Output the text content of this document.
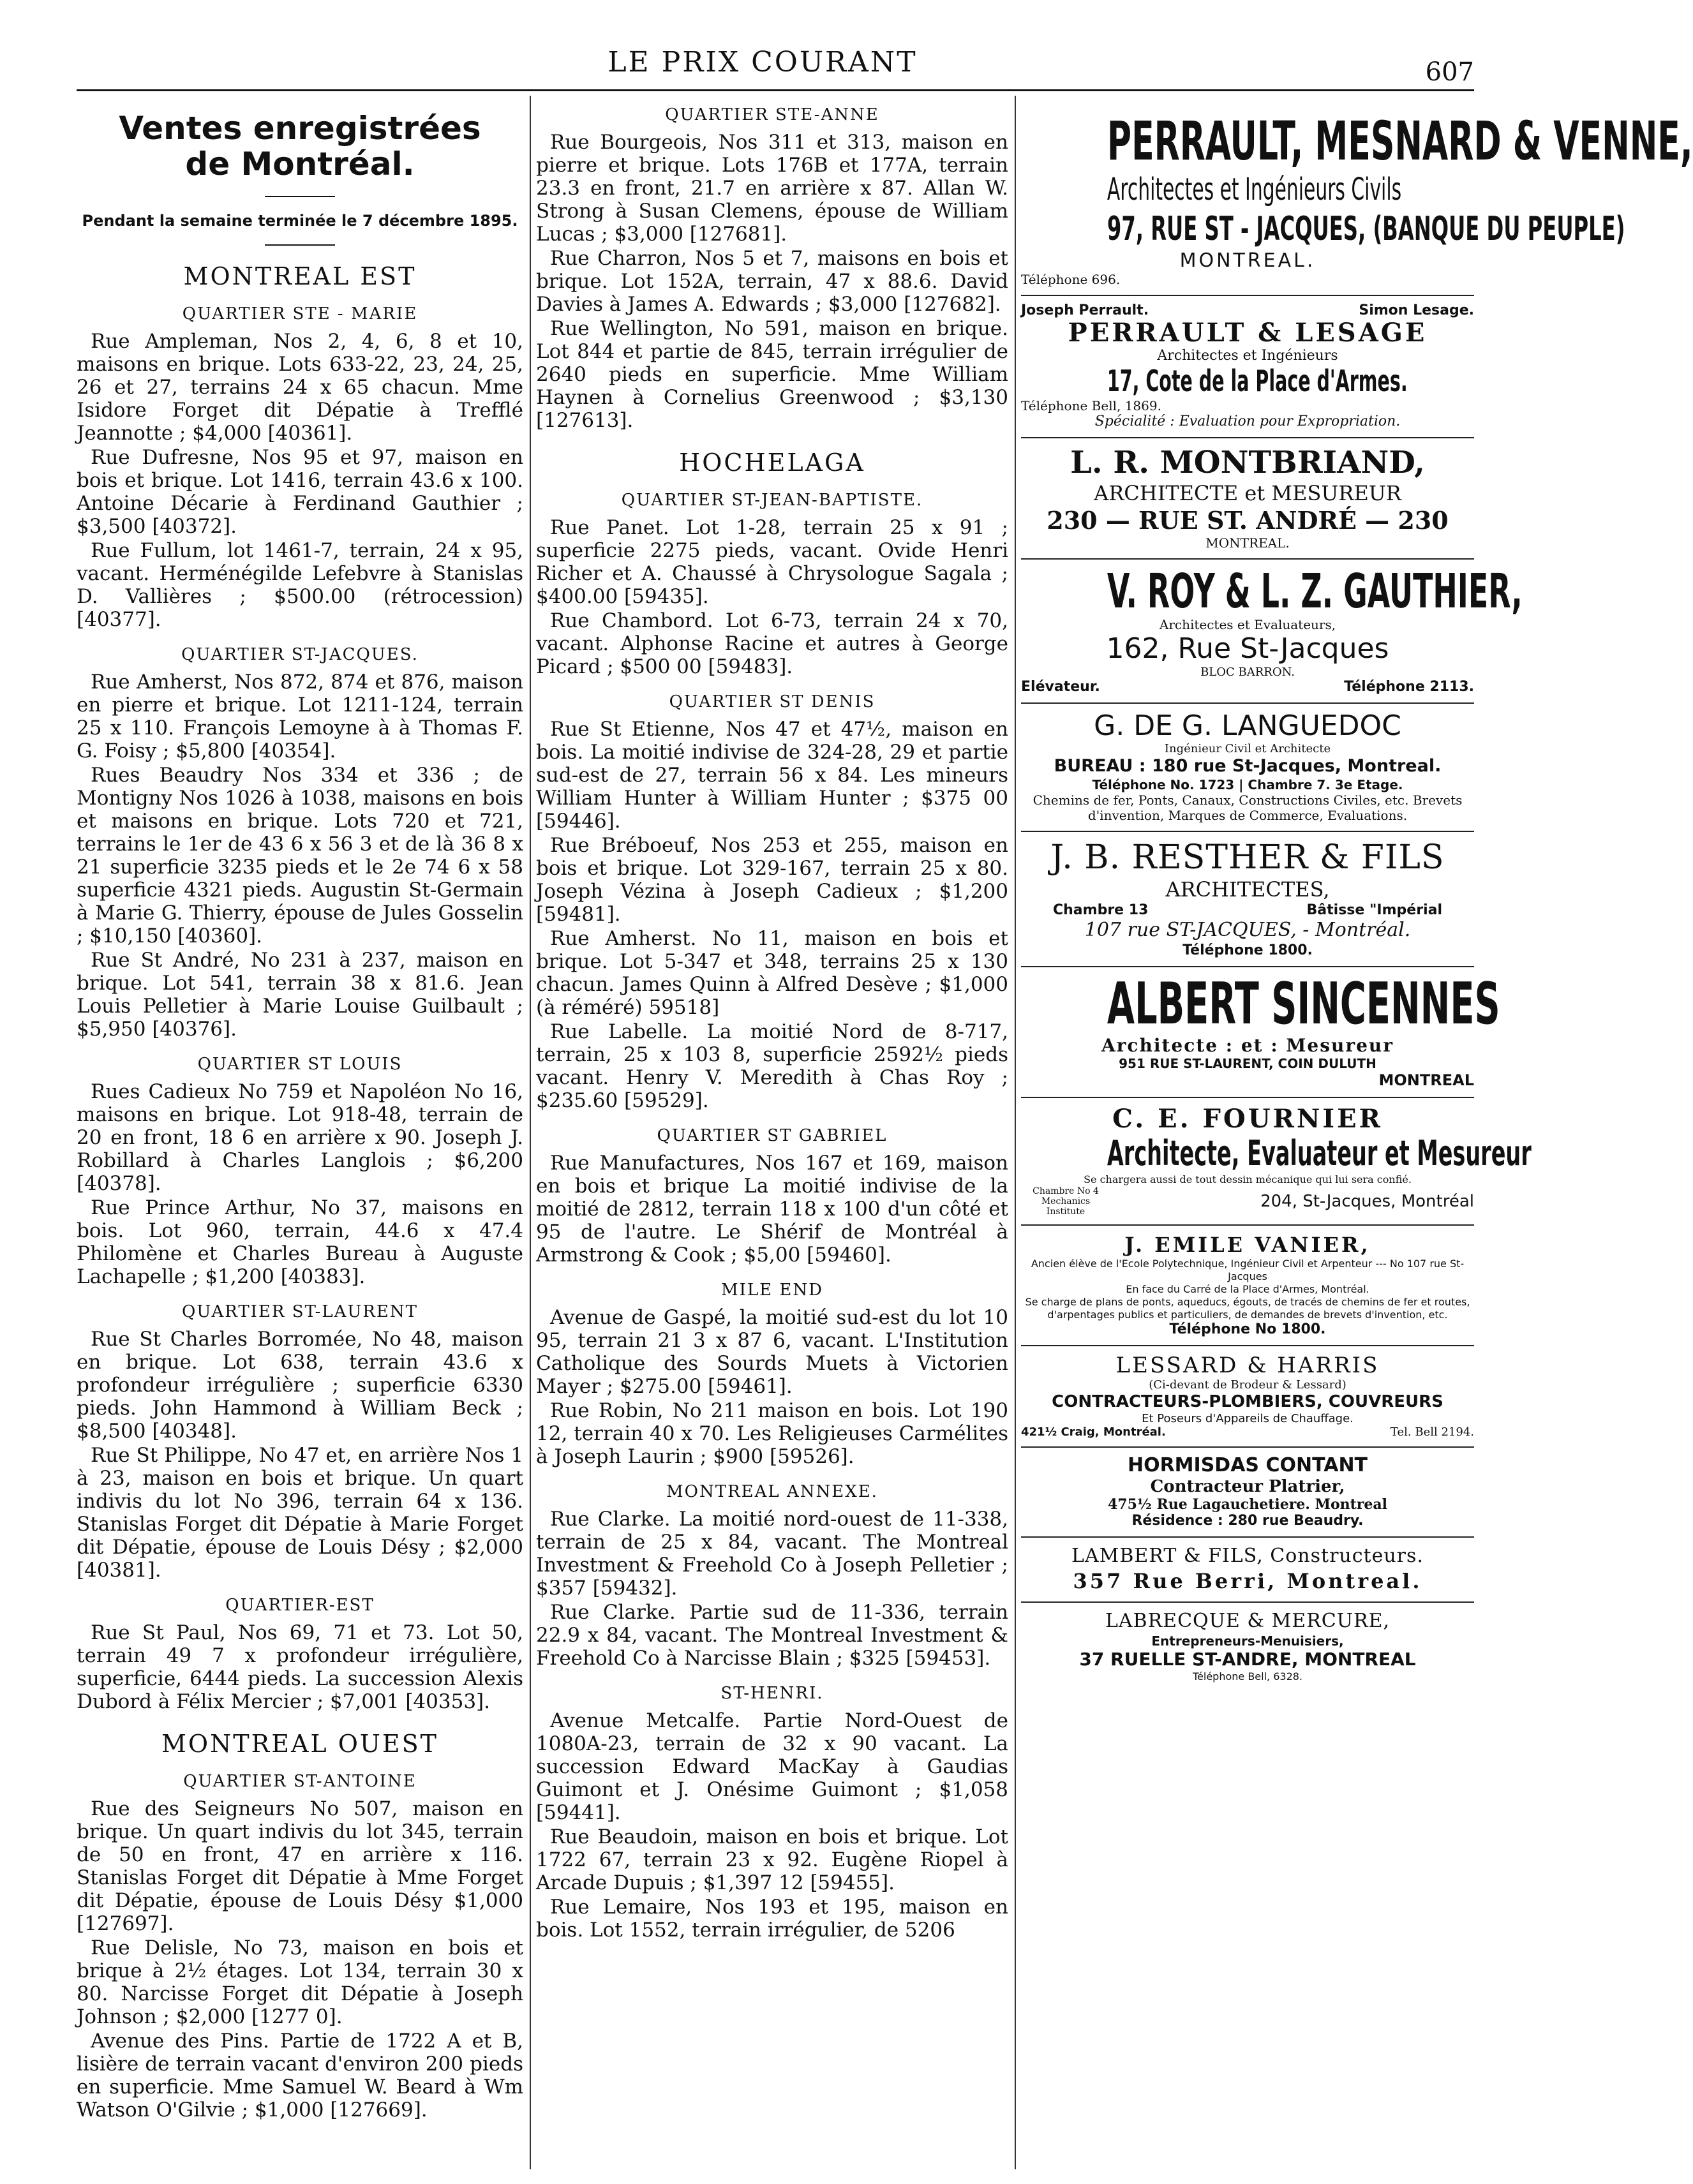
LE PRIX COURANT	607
Ventes enregistrées
de Montréal.
Pendant la semaine terminée le 7 décembre 1895.
MONTREAL EST
QUARTIER STE - MARIE

Rue Ampleman, Nos 2, 4, 6, 8 et 10, maisons en brique. Lots 633-22, 23, 24, 25, 26 et 27, terrains 24 x 65 chacun. Mme Isidore Forget dit Dépatie à Trefflé Jeannotte ; $4,000 [40361].

Rue Dufresne, Nos 95 et 97, maison en bois et brique. Lot 1416, terrain 43.6 x 100. Antoine Décarie à Ferdinand Gauthier ; $3,500 [40372].

Rue Fullum, lot 1461-7, terrain, 24 x 95, vacant. Herménégilde Lefebvre à Stanislas D. Vallières ; $500.00 (rétrocession) [40377].

QUARTIER ST-JACQUES.

Rue Amherst, Nos 872, 874 et 876, maison en pierre et brique. Lot 1211-124, terrain 25 x 110. François Lemoyne à à Thomas F. G. Foisy ; $5,800 [40354].

Rues Beaudry Nos 334 et 336 ; de Montigny Nos 1026 à 1038, maisons en bois et maisons en brique. Lots 720 et 721, terrains le 1er de 43 6 x 56 3 et de là 36 8 x 21 superficie 3235 pieds et le 2e 74 6 x 58 superficie 4321 pieds. Augustin St-Germain à Marie G. Thierry, épouse de Jules Gosselin ; $10,150 [40360].

Rue St André, No 231 à 237, maison en brique. Lot 541, terrain 38 x 81.6. Jean Louis Pelletier à Marie Louise Guilbault ; $5,950 [40376].

QUARTIER ST LOUIS

Rues Cadieux No 759 et Napoléon No 16, maisons en brique. Lot 918-48, terrain de 20 en front, 18 6 en arrière x 90. Joseph J. Robillard à Charles Langlois ; $6,200 [40378].

Rue Prince Arthur, No 37, maisons en bois. Lot 960, terrain, 44.6 x 47.4 Philomène et Charles Bureau à Auguste Lachapelle ; $1,200 [40383].

QUARTIER ST-LAURENT

Rue St Charles Borromée, No 48, maison en brique. Lot 638, terrain 43.6 x profondeur irrégulière ; superficie 6330 pieds. John Hammond à William Beck ; $8,500 [40348].

Rue St Philippe, No 47 et, en arrière Nos 1 à 23, maison en bois et brique. Un quart indivis du lot No 396, terrain 64 x 136. Stanislas Forget dit Dépatie à Marie Forget dit Dépatie, épouse de Louis Désy ; $2,000 [40381].

QUARTIER-EST

Rue St Paul, Nos 69, 71 et 73. Lot 50, terrain 49 7 x profondeur irrégulière, superficie, 6444 pieds. La succession Alexis Dubord à Félix Mercier ; $7,001 [40353].

MONTREAL OUEST
QUARTIER ST-ANTOINE

Rue des Seigneurs No 507, maison en brique. Un quart indivis du lot 345, terrain de 50 en front, 47 en arrière x 116. Stanislas Forget dit Dépatie à Mme Forget dit Dépatie, épouse de Louis Désy $1,000 [127697].

Rue Delisle, No 73, maison en bois et brique à 2½ étages. Lot 134, terrain 30 x 80. Narcisse Forget dit Dépatie à Joseph Johnson ; $2,000 [1277 0].

Avenue des Pins. Partie de 1722 A et B, lisière de terrain vacant d'environ 200 pieds en superficie. Mme Samuel W. Beard à Wm Watson O'Gilvie ; $1,000 [127669].

QUARTIER STE-ANNE

Rue Bourgeois, Nos 311 et 313, maison en pierre et brique. Lots 176B et 177A, terrain 23.3 en front, 21.7 en arrière x 87. Allan W. Strong à Susan Clemens, épouse de William Lucas ; $3,000 [127681].

Rue Charron, Nos 5 et 7, maisons en bois et brique. Lot 152A, terrain, 47 x 88.6. David Davies à James A. Edwards ; $3,000 [127682].

Rue Wellington, No 591, maison en brique. Lot 844 et partie de 845, terrain irrégulier de 2640 pieds en superficie. Mme William Haynen à Cornelius Greenwood ; $3,130 [127613].

HOCHELAGA
QUARTIER ST-JEAN-BAPTISTE.

Rue Panet. Lot 1-28, terrain 25 x 91 ; superficie 2275 pieds, vacant. Ovide Henri Richer et A. Chaussé à Chrysologue Sagala ; $400.00 [59435].

Rue Chambord. Lot 6-73, terrain 24 x 70, vacant. Alphonse Racine et autres à George Picard ; $500 00 [59483].

QUARTIER ST DENIS

Rue St Etienne, Nos 47 et 47½, maison en bois. La moitié indivise de 324-28, 29 et partie sud-est de 27, terrain 56 x 84. Les mineurs William Hunter à William Hunter ; $375 00 [59446].

Rue Bréboeuf, Nos 253 et 255, maison en bois et brique. Lot 329-167, terrain 25 x 80. Joseph Vézina à Joseph Cadieux ; $1,200 [59481].

Rue Amherst. No 11, maison en bois et brique. Lot 5-347 et 348, terrains 25 x 130 chacun. James Quinn à Alfred Desève ; $1,000 (à réméré) 59518]

Rue Labelle. La moitié Nord de 8-717, terrain, 25 x 103 8, superficie 2592½ pieds vacant. Henry V. Meredith à Chas Roy ; $235.60 [59529].

QUARTIER ST GABRIEL

Rue Manufactures, Nos 167 et 169, maison en bois et brique La moitié indivise de la moitié de 2812, terrain 118 x 100 d'un côté et 95 de l'autre. Le Shérif de Montréal à Armstrong & Cook ; $5,00 [59460].

MILE END

Avenue de Gaspé, la moitié sud-est du lot 10 95, terrain 21 3 x 87 6, vacant. L'Institution Catholique des Sourds Muets à Victorien Mayer ; $275.00 [59461].

Rue Robin, No 211 maison en bois. Lot 190 12, terrain 40 x 70. Les Religieuses Carmélites à Joseph Laurin ; $900 [59526].

MONTREAL ANNEXE.

Rue Clarke. La moitié nord-ouest de 11-338, terrain de 25 x 84, vacant. The Montreal Investment & Freehold Co à Joseph Pelletier ; $357 [59432].

Rue Clarke. Partie sud de 11-336, terrain 22.9 x 84, vacant. The Montreal Investment & Freehold Co à Narcisse Blain ; $325 [59453].

ST-HENRI.

Avenue Metcalfe. Partie Nord-Ouest de 1080A-23, terrain de 32 x 90 vacant. La succession Edward MacKay à Gaudias Guimont et J. Onésime Guimont ; $1,058 [59441].

Rue Beaudoin, maison en bois et brique. Lot 1722 67, terrain 23 x 92. Eugène Riopel à Arcade Dupuis ; $1,397 12 [59455].

Rue Lemaire, Nos 193 et 195, maison en bois. Lot 1552, terrain irrégulier, de 5206

PERRAULT, MESNARD & VENNE,
Architectes et Ingénieurs Civils
97, RUE ST - JACQUES, (BANQUE DU PEUPLE)
MONTREAL.
Téléphone 696.
Joseph Perrault.	Simon Lesage.
PERRAULT & LESAGE
Architectes et Ingénieurs
17, Cote de la Place d'Armes.
Téléphone Bell, 1869.
Spécialité : Evaluation pour Expropriation.
L. R. MONTBRIAND,
ARCHITECTE et MESUREUR
230 — RUE ST. ANDRÉ — 230
MONTREAL.
V. ROY & L. Z. GAUTHIER,
Architectes et Evaluateurs,
162, Rue St-Jacques
BLOC BARRON.
Elévateur.	Téléphone 2113.
G. DE G. LANGUEDOC
Ingénieur Civil et Architecte
BUREAU : 180 rue St-Jacques, Montreal.
Téléphone No. 1723 | Chambre 7. 3e Etage.
Chemins de fer, Ponts, Canaux, Constructions Civiles, etc. Brevets d'invention, Marques de Commerce, Evaluations.
J. B. RESTHER & FILS
ARCHITECTES,
Chambre 13	Bâtisse "Impérial
107 rue ST-JACQUES, - Montréal.
Téléphone 1800.
ALBERT SINCENNES
Architecte : et : Mesureur
951 RUE ST-LAURENT, COIN DULUTH
MONTREAL
C. E. FOURNIER
Architecte, Evaluateur et Mesureur
Se chargera aussi de tout dessin mécanique qui lui sera confié.
Chambre No 4 Mechanics Institute
204, St-Jacques, Montréal
J. EMILE VANIER,
Ancien élève de l'Ecole Polytechnique, Ingénieur Civil et Arpenteur --- No 107 rue St-Jacques
En face du Carré de la Place d'Armes, Montréal.
Se charge de plans de ponts, aqueducs, égouts, de tracés de chemins de fer et routes, d'arpentages publics et particuliers, de demandes de brevets d'invention, etc.
Téléphone No 1800.
LESSARD & HARRIS
(Ci-devant de Brodeur & Lessard)
CONTRACTEURS-PLOMBIERS, COUVREURS
Et Poseurs d'Appareils de Chauffage.
421½ Craig, Montréal.	Tel. Bell 2194.
HORMISDAS CONTANT
Contracteur Platrier,
475½ Rue Lagauchetiere. Montreal
Résidence : 280 rue Beaudry.
LAMBERT & FILS, Constructeurs.
357 Rue Berri, Montreal.
LABRECQUE & MERCURE,
Entrepreneurs-Menuisiers,
37 RUELLE ST-ANDRE, MONTREAL
Téléphone Bell, 6328.
